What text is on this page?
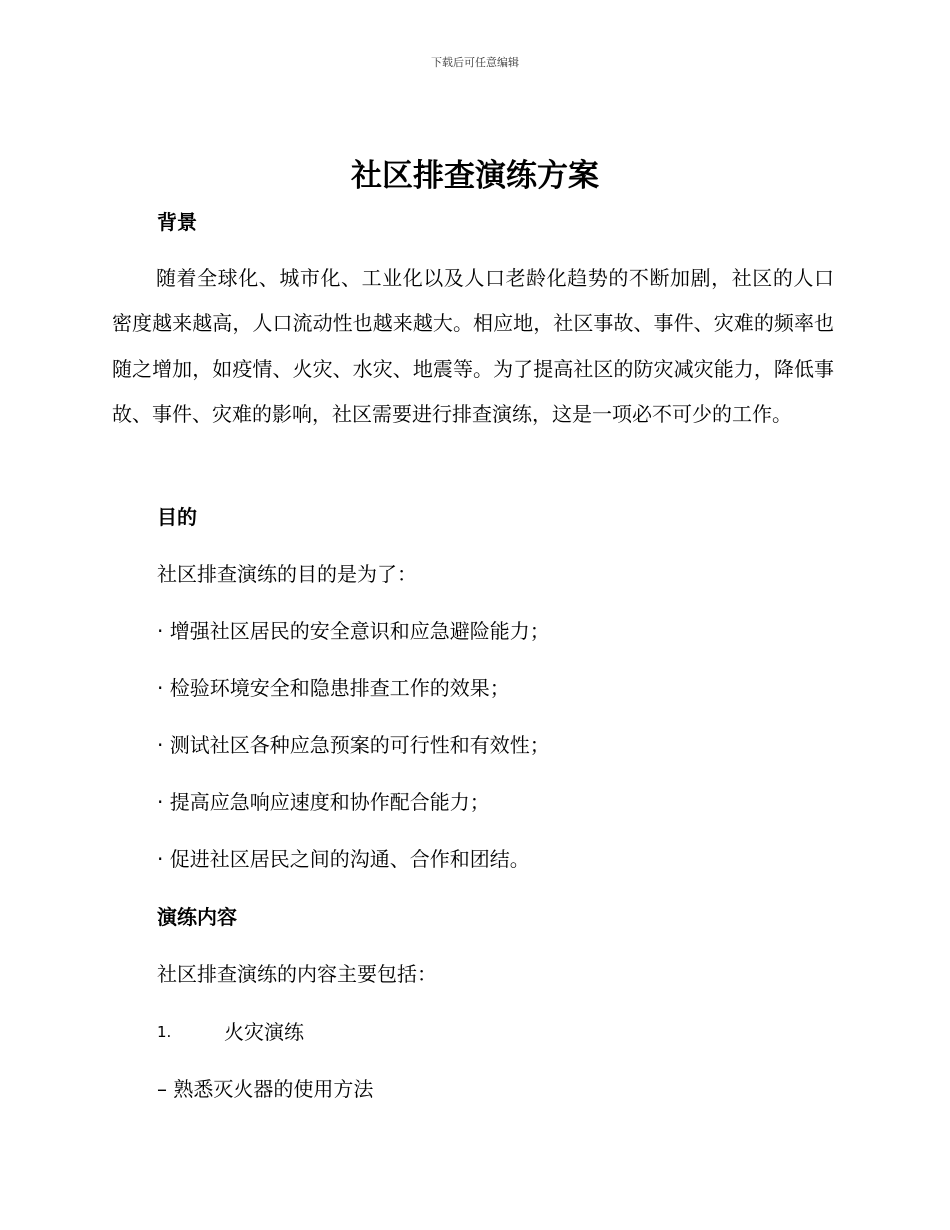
下载后可任意编辑
社区排查演练方案

背景

随着全球化、城市化、工业化以及人口老龄化趋势的不断加剧，社区的人口密度越来越高，人口流动性也越来越大。相应地，社区事故、事件、灾难的频率也随之增加，如疫情、火灾、水灾、地震等。为了提高社区的防灾减灾能力，降低事故、事件、灾难的影响，社区需要进行排查演练，这是一项必不可少的工作。

目的

社区排查演练的目的是为了：

· 增强社区居民的安全意识和应急避险能力；

· 检验环境安全和隐患排查工作的效果；

· 测试社区各种应急预案的可行性和有效性；

· 提高应急响应速度和协作配合能力；

· 促进社区居民之间的沟通、合作和团结。

演练内容

社区排查演练的内容主要包括：

1.	火灾演练

– 熟悉灭火器的使用方法
